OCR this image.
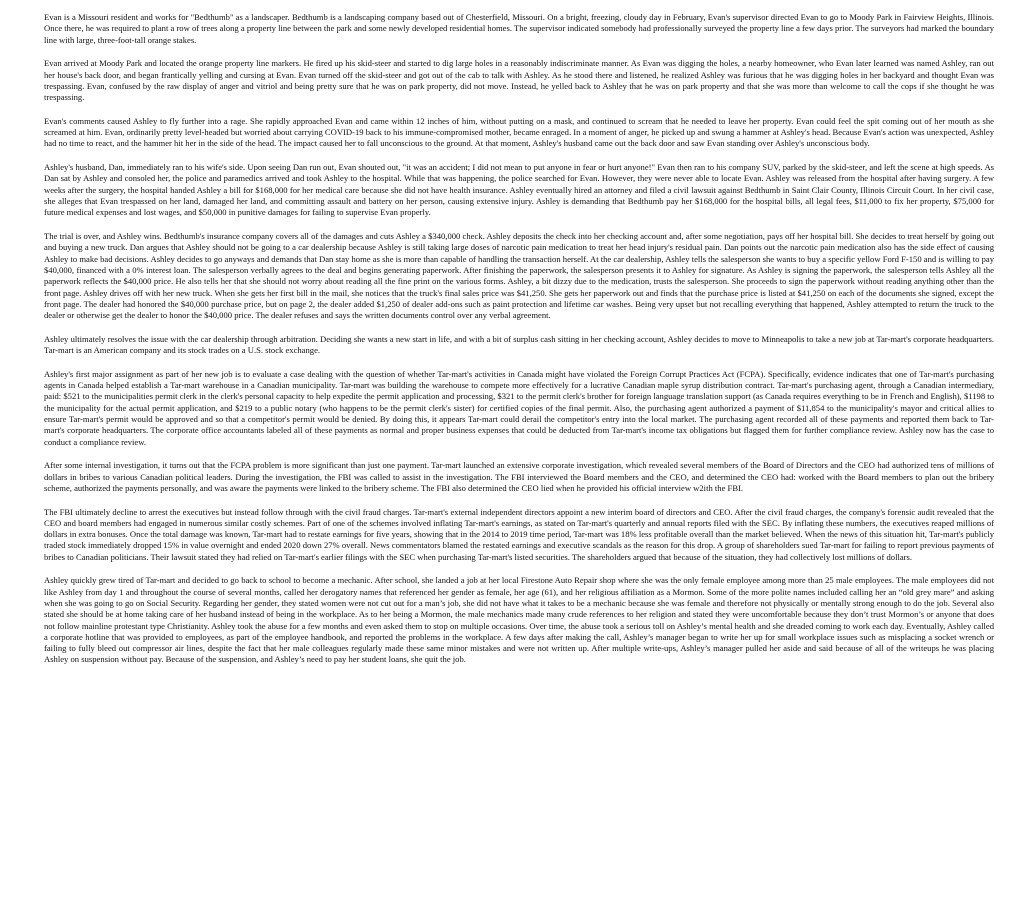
Evan is a Missouri resident and works for "Bedthumb" as a landscaper. Bedthumb is a landscaping company based out of Chesterfield, Missouri. On a bright, freezing, cloudy day in February, Evan's supervisor directed Evan to go to Moody Park in Fairview Heights, Illinois. Once there, he was required to plant a row of trees along a property line between the park and some newly developed residential homes. The supervisor indicated somebody had professionally surveyed the property line a few days prior. The surveyors had marked the boundary line with large, three-foot-tall orange stakes.

Evan arrived at Moody Park and located the orange property line markers. He fired up his skid-steer and started to dig large holes in a reasonably indiscriminate manner. As Evan was digging the holes, a nearby homeowner, who Evan later learned was named Ashley, ran out her house's back door, and began frantically yelling and cursing at Evan. Evan turned off the skid-steer and got out of the cab to talk with Ashley. As he stood there and listened, he realized Ashley was furious that he was digging holes in her backyard and thought Evan was trespassing. Evan, confused by the raw display of anger and vitriol and being pretty sure that he was on park property, did not move. Instead, he yelled back to Ashley that he was on park property and that she was more than welcome to call the cops if she thought he was trespassing.

Evan's comments caused Ashley to fly further into a rage. She rapidly approached Evan and came within 12 inches of him, without putting on a mask, and continued to scream that he needed to leave her property. Evan could feel the spit coming out of her mouth as she screamed at him. Evan, ordinarily pretty level-headed but worried about carrying COVID-19 back to his immune-compromised mother, became enraged. In a moment of anger, he picked up and swung a hammer at Ashley's head. Because Evan's action was unexpected, Ashley had no time to react, and the hammer hit her in the side of the head. The impact caused her to fall unconscious to the ground. At that moment, Ashley's husband came out the back door and saw Evan standing over Ashley's unconscious body.

Ashley's husband, Dan, immediately ran to his wife's side. Upon seeing Dan run out, Evan shouted out, "it was an accident; I did not mean to put anyone in fear or hurt anyone!" Evan then ran to his company SUV, parked by the skid-steer, and left the scene at high speeds. As Dan sat by Ashley and consoled her, the police and paramedics arrived and took Ashley to the hospital. While that was happening, the police searched for Evan. However, they were never able to locate Evan. Ashley was released from the hospital after having surgery. A few weeks after the surgery, the hospital handed Ashley a bill for $168,000 for her medical care because she did not have health insurance. Ashley eventually hired an attorney and filed a civil lawsuit against Bedthumb in Saint Clair County, Illinois Circuit Court. In her civil case, she alleges that Evan trespassed on her land, damaged her land, and committing assault and battery on her person, causing extensive injury. Ashley is demanding that Bedthumb pay her $168,000 for the hospital bills, all legal fees, $11,000 to fix her property, $75,000 for future medical expenses and lost wages, and $50,000 in punitive damages for failing to supervise Evan properly.

The trial is over, and Ashley wins. Bedthumb's insurance company covers all of the damages and cuts Ashley a $340,000 check. Ashley deposits the check into her checking account and, after some negotiation, pays off her hospital bill. She decides to treat herself by going out and buying a new truck. Dan argues that Ashley should not be going to a car dealership because Ashley is still taking large doses of narcotic pain medication to treat her head injury's residual pain. Dan points out the narcotic pain medication also has the side effect of causing Ashley to make bad decisions. Ashley decides to go anyways and demands that Dan stay home as she is more than capable of handling the transaction herself. At the car dealership, Ashley tells the salesperson she wants to buy a specific yellow Ford F-150 and is willing to pay $40,000, financed with a 0% interest loan. The salesperson verbally agrees to the deal and begins generating paperwork. After finishing the paperwork, the salesperson presents it to Ashley for signature. As Ashley is signing the paperwork, the salesperson tells Ashley all the paperwork reflects the $40,000 price. He also tells her that she should not worry about reading all the fine print on the various forms. Ashley, a bit dizzy due to the medication, trusts the salesperson. She proceeds to sign the paperwork without reading anything other than the front page. Ashley drives off with her new truck. When she gets her first bill in the mail, she notices that the truck's final sales price was $41,250. She gets her paperwork out and finds that the purchase price is listed at $41,250 on each of the documents she signed, except the front page. The dealer had honored the $40,000 purchase price, but on page 2, the dealer added $1,250 of dealer add-ons such as paint protection and lifetime car washes. Being very upset but not recalling everything that happened, Ashley attempted to return the truck to the dealer or otherwise get the dealer to honor the $40,000 price. The dealer refuses and says the written documents control over any verbal agreement.

Ashley ultimately resolves the issue with the car dealership through arbitration. Deciding she wants a new start in life, and with a bit of surplus cash sitting in her checking account, Ashley decides to move to Minneapolis to take a new job at Tar-mart's corporate headquarters. Tar-mart is an American company and its stock trades on a U.S. stock exchange.

Ashley's first major assignment as part of her new job is to evaluate a case dealing with the question of whether Tar-mart's activities in Canada might have violated the Foreign Corrupt Practices Act (FCPA). Specifically, evidence indicates that one of Tar-mart's purchasing agents in Canada helped establish a Tar-mart warehouse in a Canadian municipality. Tar-mart was building the warehouse to compete more effectively for a lucrative Canadian maple syrup distribution contract. Tar-mart's purchasing agent, through a Canadian intermediary, paid: $521 to the municipalities permit clerk in the clerk's personal capacity to help expedite the permit application and processing, $321 to the permit clerk's brother for foreign language translation support (as Canada requires everything to be in French and English), $1198 to the municipality for the actual permit application, and $219 to a public notary (who happens to be the permit clerk's sister) for certified copies of the final permit. Also, the purchasing agent authorized a payment of $11,854 to the municipality's mayor and critical allies to ensure Tar-mart's permit would be approved and so that a competitor's permit would be denied. By doing this, it appears Tar-mart could derail the competitor's entry into the local market. The purchasing agent recorded all of these payments and reported them back to Tar-mart's corporate headquarters. The corporate office accountants labeled all of these payments as normal and proper business expenses that could be deducted from Tar-mart's income tax obligations but flagged them for further compliance review. Ashley now has the case to conduct a compliance review.

After some internal investigation, it turns out that the FCPA problem is more significant than just one payment. Tar-mart launched an extensive corporate investigation, which revealed several members of the Board of Directors and the CEO had authorized tens of millions of dollars in bribes to various Canadian political leaders. During the investigation, the FBI was called to assist in the investigation. The FBI interviewed the Board members and the CEO, and determined the CEO had: worked with the Board members to plan out the bribery scheme, authorized the payments personally, and was aware the payments were linked to the bribery scheme. The FBI also determined the CEO lied when he provided his official interview w2ith the FBI.

The FBI ultimately decline to arrest the executives but instead follow through with the civil fraud charges. Tar-mart's external independent directors appoint a new interim board of directors and CEO. After the civil fraud charges, the company's forensic audit revealed that the CEO and board members had engaged in numerous similar costly schemes. Part of one of the schemes involved inflating Tar-mart's earnings, as stated on Tar-mart's quarterly and annual reports filed with the SEC. By inflating these numbers, the executives reaped millions of dollars in extra bonuses. Once the total damage was known, Tar-mart had to restate earnings for five years, showing that in the 2014 to 2019 time period, Tar-mart was 18% less profitable overall than the market believed. When the news of this situation hit, Tar-mart's publicly traded stock immediately dropped 15% in value overnight and ended 2020 down 27% overall. News commentators blamed the restated earnings and executive scandals as the reason for this drop. A group of shareholders sued Tar-mart for failing to report previous payments of bribes to Canadian politicians. Their lawsuit stated they had relied on Tar-mart's earlier filings with the SEC when purchasing Tar-mart's listed securities. The shareholders argued that because of the situation, they had collectively lost millions of dollars.

Ashley quickly grew tired of Tar-mart and decided to go back to school to become a mechanic. After school, she landed a job at her local Firestone Auto Repair shop where she was the only female employee among more than 25 male employees. The male employees did not like Ashley from day 1 and throughout the course of several months, called her derogatory names that referenced her gender as female, her age (61), and her religious affiliation as a Mormon. Some of the more polite names included calling her an “old grey mare” and asking when she was going to go on Social Security. Regarding her gender, they stated women were not cut out for a man’s job, she did not have what it takes to be a mechanic because she was female and therefore not physically or mentally strong enough to do the job. Several also stated she should be at home taking care of her husband instead of being in the workplace. As to her being a Mormon, the male mechanics made many crude references to her religion and stated they were uncomfortable because they don’t trust Mormon’s or anyone that does not follow mainline protestant type Christianity. Ashley took the abuse for a few months and even asked them to stop on multiple occasions. Over time, the abuse took a serious toll on Ashley’s mental health and she dreaded coming to work each day. Eventually, Ashley called a corporate hotline that was provided to employees, as part of the employee handbook, and reported the problems in the workplace. A few days after making the call, Ashley’s manager began to write her up for small workplace issues such as misplacing a socket wrench or failing to fully bleed out compressor air lines, despite the fact that her male colleagues regularly made these same minor mistakes and were not written up. After multiple write-ups, Ashley’s manager pulled her aside and said because of all of the writeups he was placing Ashley on suspension without pay. Because of the suspension, and Ashley’s need to pay her student loans, she quit the job.
